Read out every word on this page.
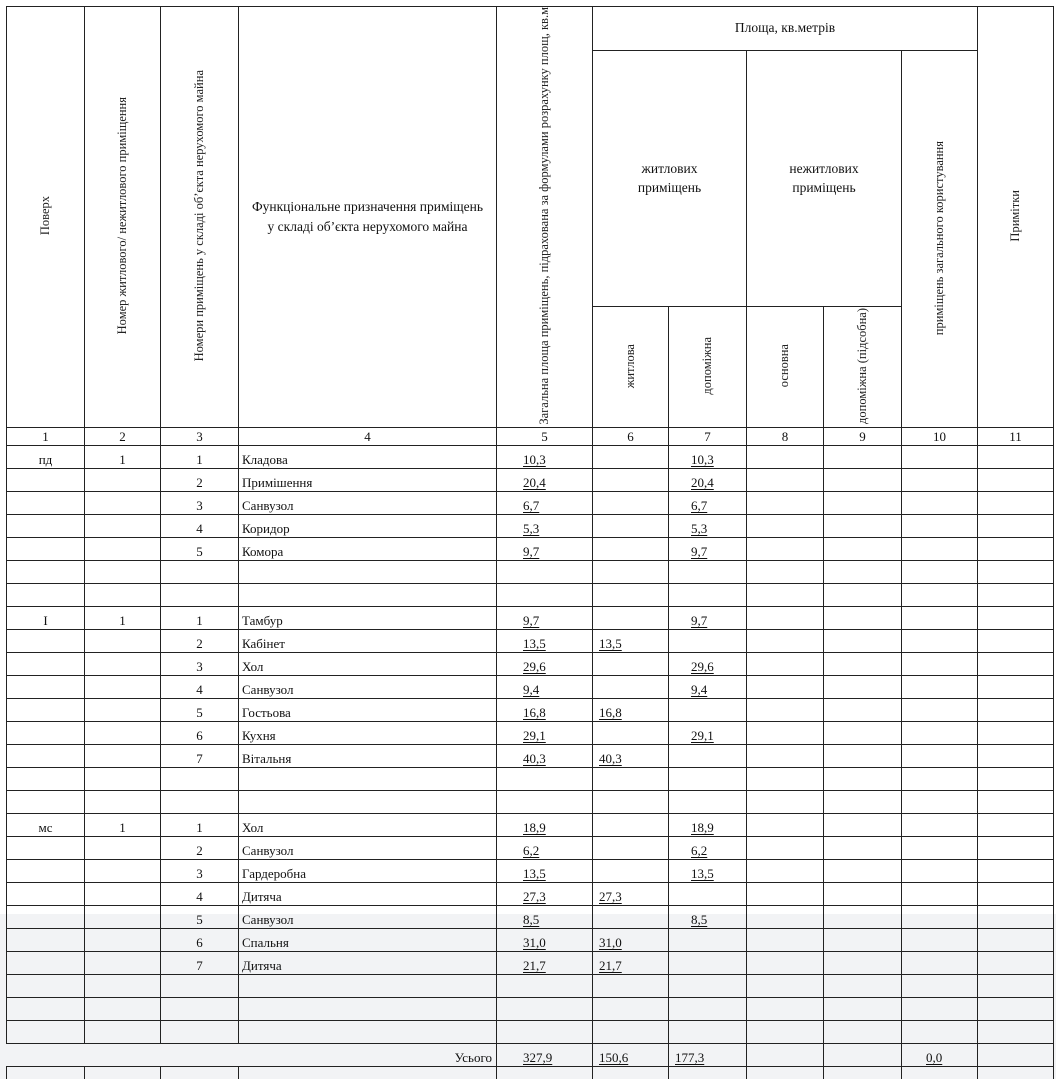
Поверх	Номер житлового/ нежитлового приміщення	Номери приміщень у складі об’єкта нерухомого майна	Функціональне призначення приміщень у складі об’єкта нерухомого майна	Загальна площа приміщень, підрахована за формулами розрахунку площ, кв.м	Площа, кв.метрів					Примітки

					житлових приміщень		нежитлових приміщень		приміщень загального користування	
					житлова	допоміжна	основна	допоміжна (підсобна)		
1	2	3	4	5	6	7	8	9	10	11
пд	1	1	Кладова	10,3		10,3				
		2	Примішення	20,4		20,4				
		3	Санвузол	6,7		6,7				
		4	Коридор	5,3		5,3				
		5	Комора	9,7		9,7				

I	1	1	Тамбур	9,7		9,7				
		2	Кабінет	13,5	13,5					
		3	Хол	29,6		29,6				
		4	Санвузол	9,4		9,4				
		5	Гостьова	16,8	16,8					
		6	Кухня	29,1		29,1				
		7	Вітальня	40,3	40,3					

мс	1	1	Хол	18,9		18,9				
		2	Санвузол	6,2		6,2				
		3	Гардеробна	13,5		13,5				
		4	Дитяча	27,3	27,3					
		5	Санвузол	8,5		8,5				
		6	Спальня	31,0	31,0					
		7	Дитяча	21,7	21,7					

Усього				327,9	150,6	177,3			0,0	
